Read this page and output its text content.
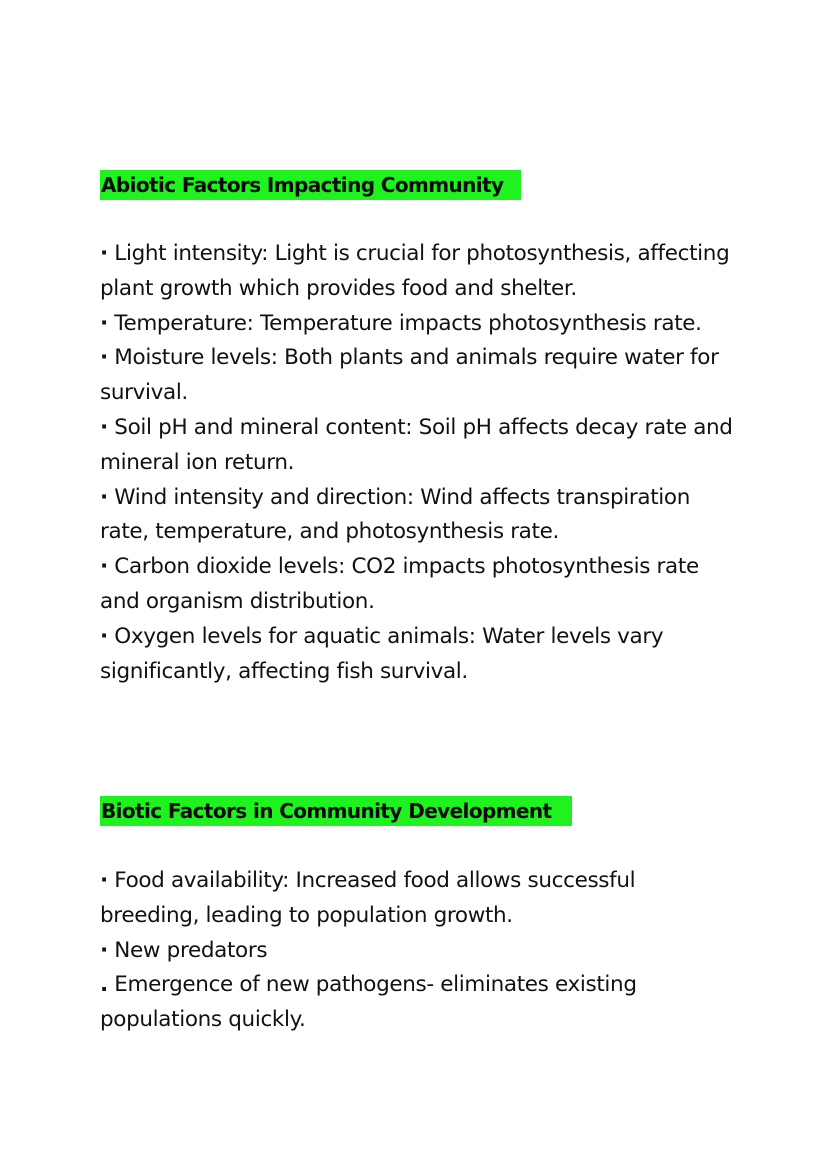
Abiotic Factors Impacting Community
· Light intensity: Light is crucial for photosynthesis, affecting plant growth which provides food and shelter.
· Temperature: Temperature impacts photosynthesis rate.
· Moisture levels: Both plants and animals require water for survival.
· Soil pH and mineral content: Soil pH affects decay rate and mineral ion return.
· Wind intensity and direction: Wind affects transpiration rate, temperature, and photosynthesis rate.
· Carbon dioxide levels: CO2 impacts photosynthesis rate and organism distribution.
· Oxygen levels for aquatic animals: Water levels vary significantly, affecting fish survival.
Biotic Factors in Community Development
· Food availability: Increased food allows successful breeding, leading to population growth.
· New predators
. Emergence of new pathogens- eliminates existing populations quickly.
